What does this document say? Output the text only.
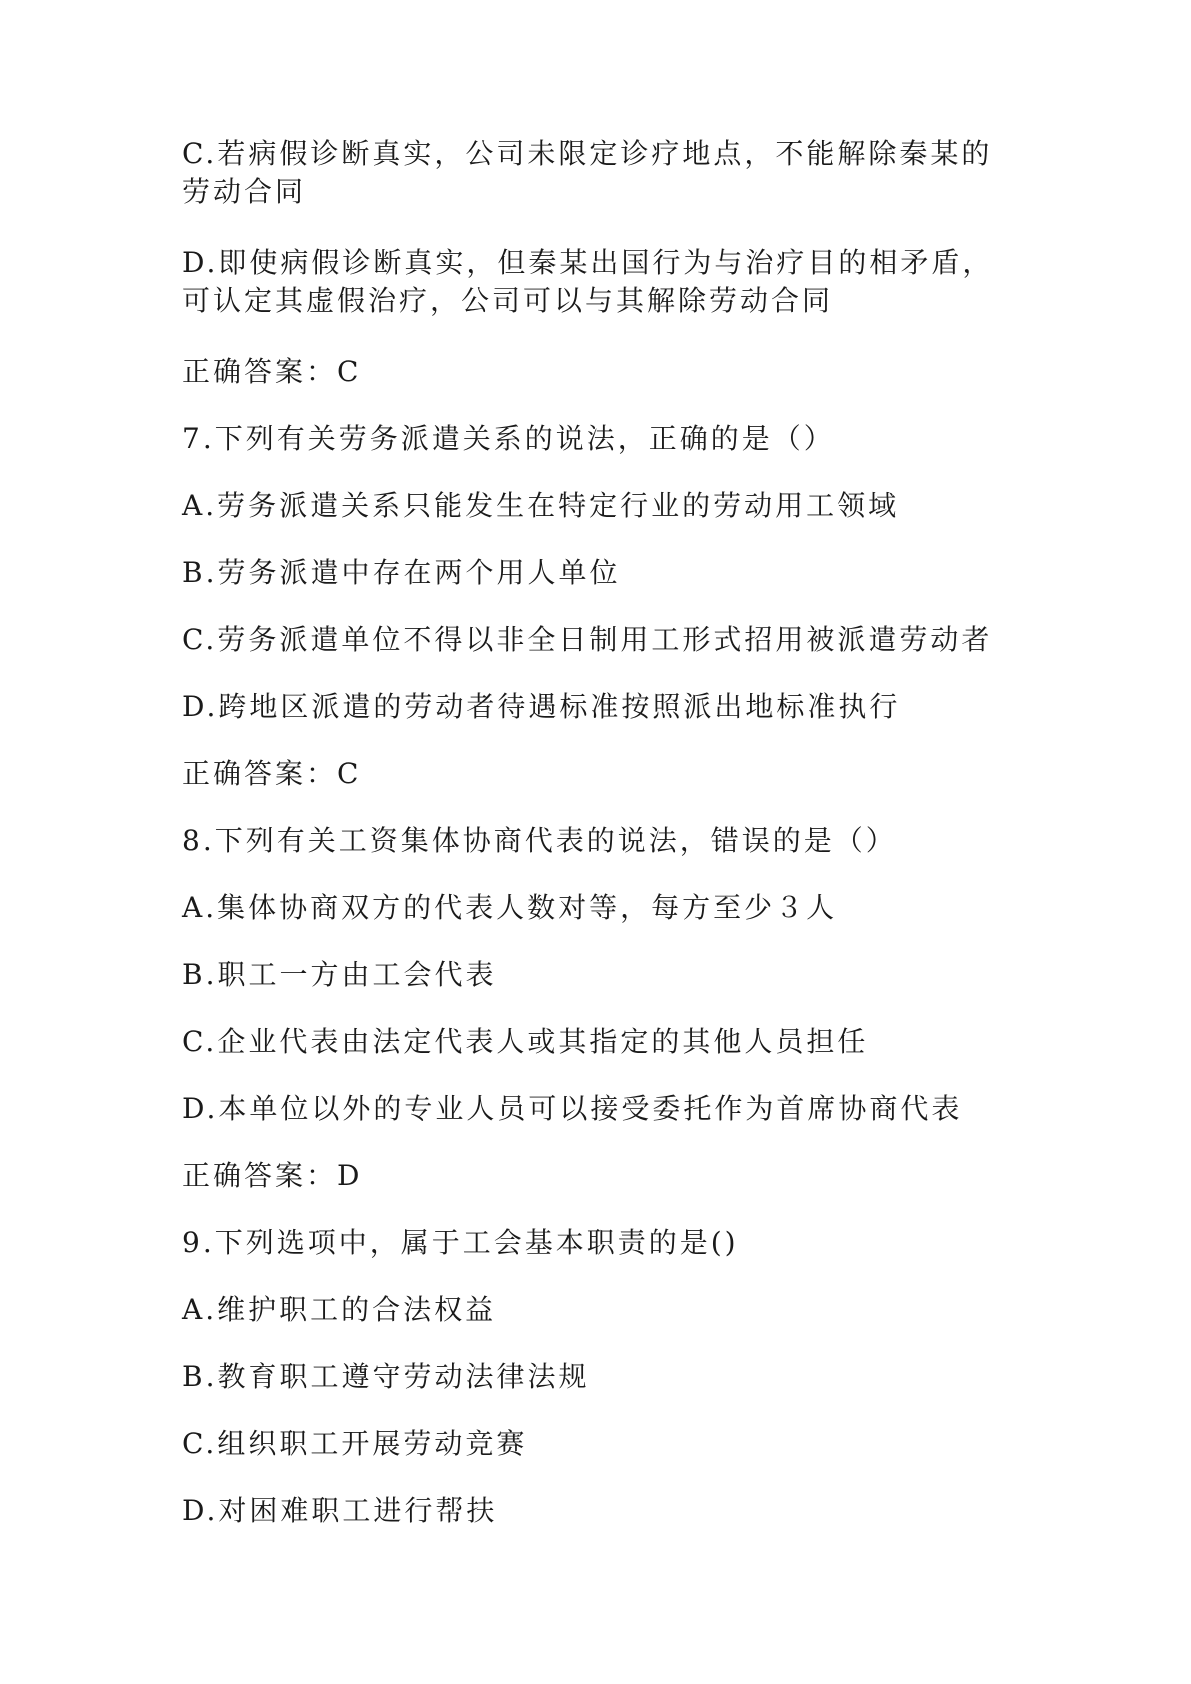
C.若病假诊断真实，公司未限定诊疗地点，不能解除秦某的劳动合同

D.即使病假诊断真实，但秦某出国行为与治疗目的相矛盾，可认定其虚假治疗，公司可以与其解除劳动合同

正确答案：C

7.下列有关劳务派遣关系的说法，正确的是（）

A.劳务派遣关系只能发生在特定行业的劳动用工领域

B.劳务派遣中存在两个用人单位

C.劳务派遣单位不得以非全日制用工形式招用被派遣劳动者

D.跨地区派遣的劳动者待遇标准按照派出地标准执行

正确答案：C

8.下列有关工资集体协商代表的说法，错误的是（）

A.集体协商双方的代表人数对等，每方至少３人

B.职工一方由工会代表

C.企业代表由法定代表人或其指定的其他人员担任

D.本单位以外的专业人员可以接受委托作为首席协商代表

正确答案：D

9.下列选项中，属于工会基本职责的是()

A.维护职工的合法权益

B.教育职工遵守劳动法律法规

C.组织职工开展劳动竞赛

D.对困难职工进行帮扶
